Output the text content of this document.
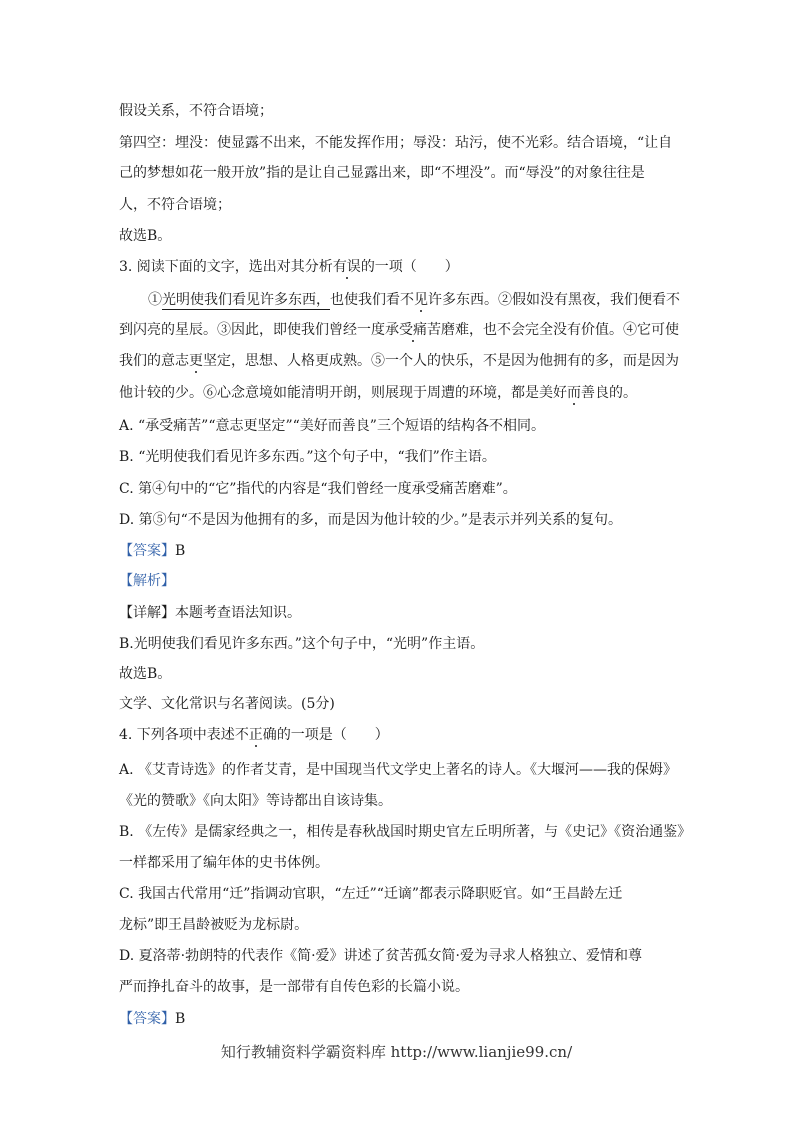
假设关系，不符合语境；
第四空：埋没：使显露不出来，不能发挥作用；辱没：玷污，使不光彩。结合语境，“让自
己的梦想如花一般开放”指的是让自己显露出来，即“不埋没”。而“辱没”的对象往往是
人，不符合语境；
故选B。
3. 阅读下面的文字，选出对其分析有误的一项（　　）
①光明使我们看见许多东西，也使我们看不见许多东西。②假如没有黑夜，我们便看不
到闪亮的星辰。③因此，即使我们曾经一度承受痛苦磨难，也不会完全没有价值。④它可使
我们的意志更坚定，思想、人格更成熟。⑤一个人的快乐，不是因为他拥有的多，而是因为
他计较的少。⑥心念意境如能清明开朗，则展现于周遭的环境，都是美好而善良的。
A. “承受痛苦”“意志更坚定”“美好而善良”三个短语的结构各不相同。
B. “光明使我们看见许多东西。”这个句子中，“我们”作主语。
C. 第④句中的“它”指代的内容是“我们曾经一度承受痛苦磨难”。
D. 第⑤句“不是因为他拥有的多，而是因为他计较的少。”是表示并列关系的复句。
【答案】B
【解析】
【详解】本题考查语法知识。
B.光明使我们看见许多东西。”这个句子中，“光明”作主语。
故选B。
文学、文化常识与名著阅读。(5分)
4. 下列各项中表述不正确的一项是（　　）
A. 《艾青诗选》的作者艾青，是中国现当代文学史上著名的诗人。《大堰河——我的保姆》
《光的赞歌》《向太阳》等诗都出自该诗集。
B. 《左传》是儒家经典之一，相传是春秋战国时期史官左丘明所著，与《史记》《资治通鉴》
一样都采用了编年体的史书体例。
C. 我国古代常用“迁”指调动官职，“左迁”“迁谪”都表示降职贬官。如“王昌龄左迁
龙标”即王昌龄被贬为龙标尉。
D. 夏洛蒂·勃朗特的代表作《简·爱》讲述了贫苦孤女简·爱为寻求人格独立、爱情和尊
严而挣扎奋斗的故事，是一部带有自传色彩的长篇小说。
【答案】B
知行教辅资料学霸资料库 http://www.lianjie99.cn/
